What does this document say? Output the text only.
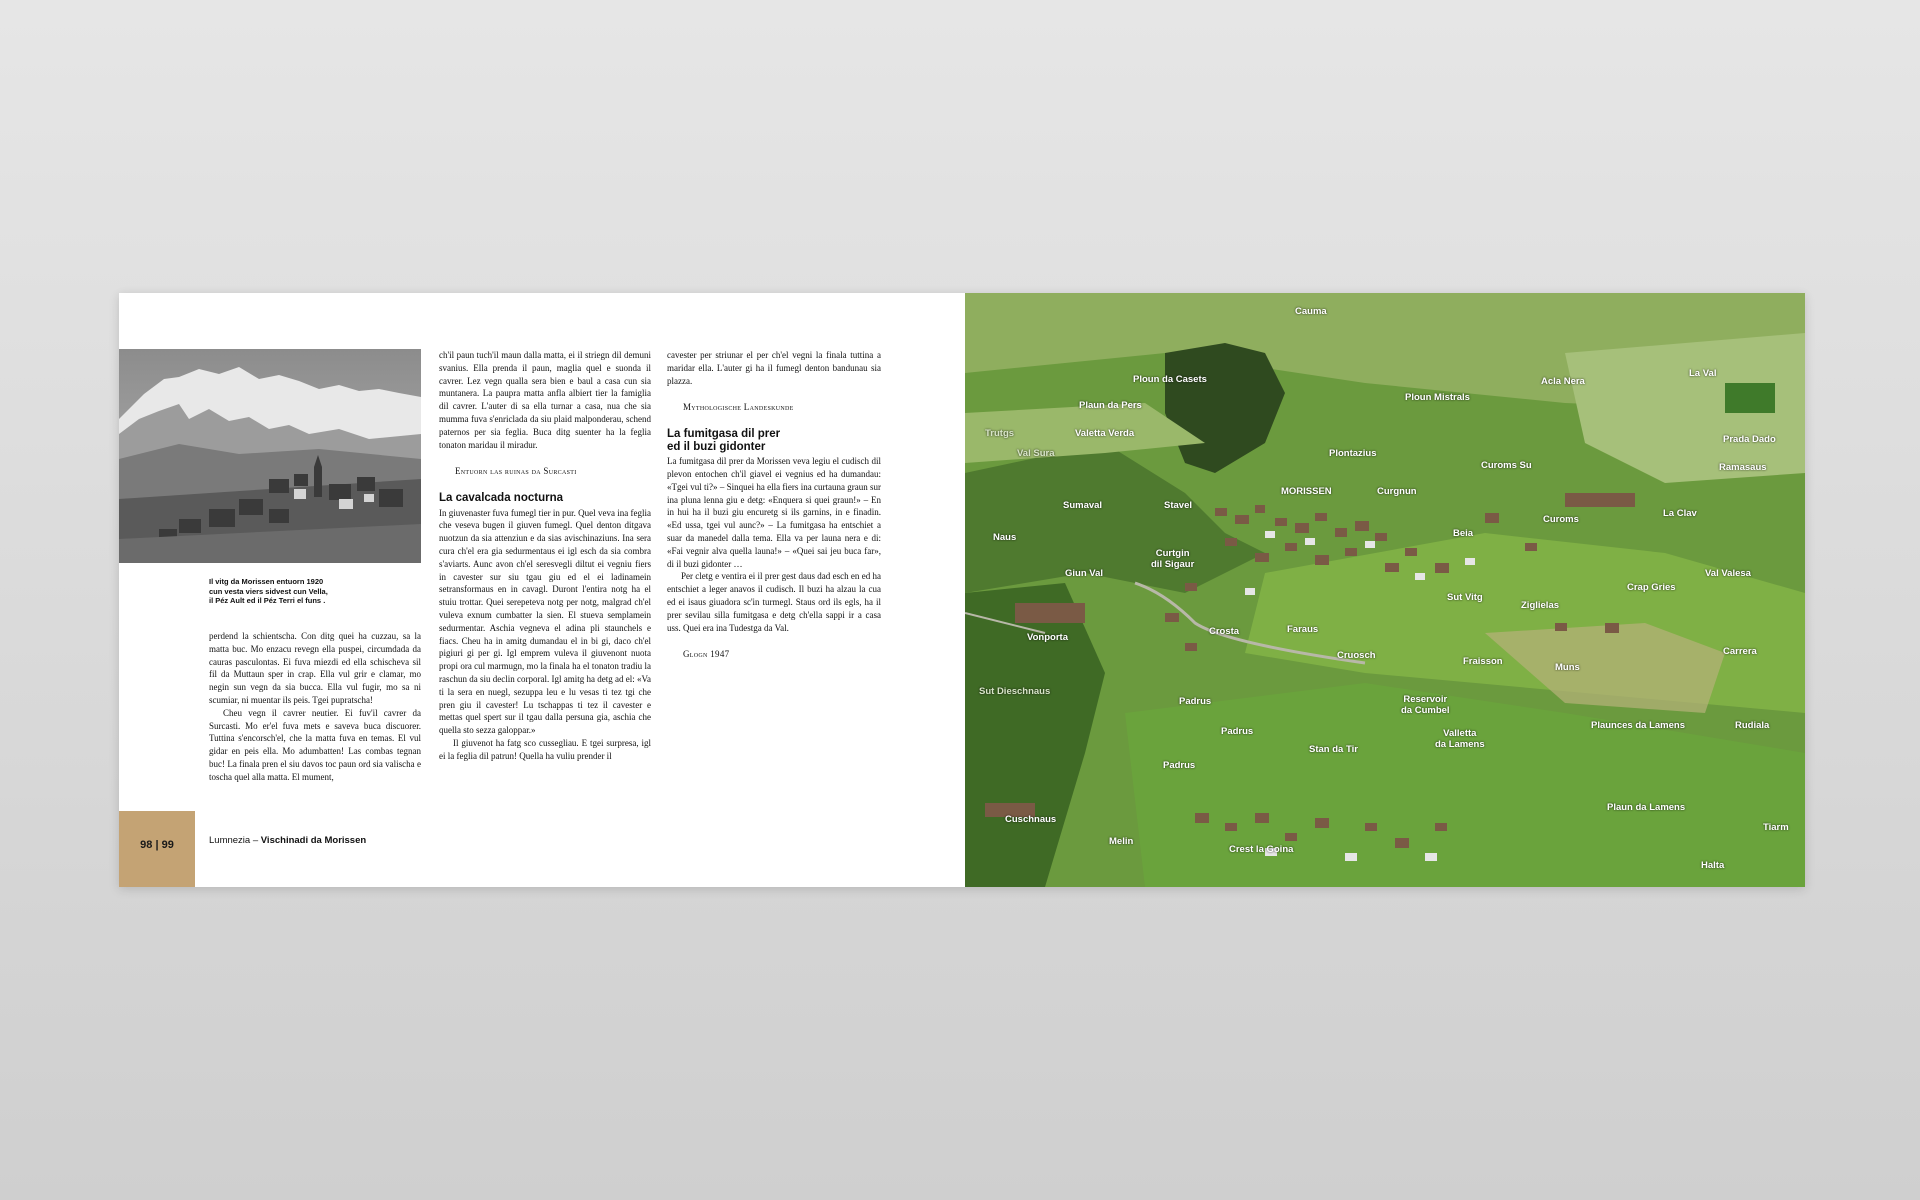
Il vitg da Morissen entuorn 1920
cun vesta viers sidvest cun Vella,
il Péz Ault ed il Péz Terri el funs .

perdend la schientscha. Con ditg quei ha cuzzau, sa la matta buc. Mo enzacu revegn ella puspei, circumdada da cauras pasculontas. Ei fuva miezdi ed ella schischeva sil fil da Muttaun sper in crap. Ella vul grir e clamar, mo negin sun vegn da sia bucca. Ella vul fugir, mo sa ni scumiar, ni muentar ils peis. Tgei pupratscha!

Cheu vegn il cavrer neutier. Ei fuv'il cavrer da Surcasti. Mo er'el fuva mets e saveva buca discuorer. Tuttina s'encorsch'el, che la matta fuva en temas. El vul gidar en peis ella. Mo adumbatten! Las combas tegnan buc! La finala pren el siu davos toc paun ord sia valischa e toscha quel alla matta. El mument,

ch'il paun tuch'il maun dalla matta, ei il striegn dil demuni svanius. Ella prenda il paun, maglia quel e suonda il cavrer. Lez vegn qualla sera bien e baul a casa cun sia muntanera. La paupra matta anfla albiert tier la famiglia dil cavrer. L'auter di sa ella turnar a casa, nua che sia mumma fuva s'enriclada da siu plaid malponderau, schend paternos per sia feglia. Buca ditg suenter ha la feglia tonaton maridau il miradur.

Entuorn las ruinas da Surcasti

La cavalcada nocturna

In giuvenaster fuva fumegl tier in pur. Quel veva ina feglia che veseva bugen il giuven fumegl. Quel denton ditgava nuotzun da sia attenziun e da sias avischinaziuns. Ina sera cura ch'el era gia sedurmentaus ei igl esch da sia combra s'aviarts. Aunc avon ch'el seresvegli diltut ei vegniu fiers in cavester sur siu tgau giu ed el ei ladinamein setransformaus en in cavagl. Duront l'entira notg ha el stuiu trottar. Quei serepeteva notg per notg, malgrad ch'el vuleva exnum cumbatter la sien. El stueva semplamein sedurmentar. Aschia vegneva el adina pli staunchels e fiacs. Cheu ha in amitg dumandau el in bi gi, daco ch'el pigiuri gi per gi. Igl emprem vuleva il giuvenont nuota propi ora cul marmugn, mo la finala ha el tonaton tradiu la raschun da siu declin corporal. Igl amitg ha detg ad el: «Va ti la sera en nuegl, sezuppa leu e lu vesas ti tez tgi che pren giu il cavester! Lu tschappas ti tez il cavester e mettas quel spert sur il tgau dalla persuna gia, aschia che quella sto sezza galoppar.»

Il giuvenot ha fatg sco cussegliau. E tgei surpresa, igl ei la feglia dil patrun! Quella ha vuliu prender il

cavester per striunar el per ch'el vegni la finala tuttina a maridar ella. L'auter gi ha il fumegl denton bandunau sia plazza.

Mythologische Landeskunde

La fumitgasa dil prer
ed il buzi gidonter

La fumitgasa dil prer da Morissen veva legiu el cudisch dil plevon entochen ch'il giavel ei vegnius ed ha dumandau: «Tgei vul ti?» – Sinquei ha ella fiers ina curtauna graun sur ina pluna lenna giu e detg: «Enquera si quei graun!» – En in hui ha il buzi giu encuretg si ils garnins, in e finadin. «Ed ussa, tgei vul aunc?» – La fumitgasa ha entschiet a suar da manedel dalla tema. Ella va per launa nera e di: «Fai vegnir alva quella launa!» – «Quei sai jeu buca far», di il buzi gidonter …

Per cletg e ventira ei il prer gest daus dad esch en ed ha entschiet a leger anavos il cudisch. Il buzi ha alzau la cua ed ei isaus giuadora sc'in turmegl. Staus ord ils egls, ha il prer sevilau silla fumitgasa e detg ch'ella sappi ir a casa uss. Quei era ina Tudestga da Val.

Glogn 1947

98 | 99	Lumnezia – Vischinadi da Morissen
Cauma
Ploun da Casets
Ploun Mistrals
Acla Nera
La Val
Plaun da Pers
Valetta Verda
Trutgs
Val Sura	Plontazius
Curoms Su
Prada Dado
Ramasaus
MORISSEN	Curgnun
Sumaval	Stavel
Naus	Beia
Curoms
La Clav
Curtgin
dil Sigaur
Giun Val	Val Valesa
Crap Gries
Sut Vitg
Ziglielas
Crosta	Faraus
Vonporta
Carrera
Cruosch
Fraisson
Muns
Sut Dieschnaus
Padrus	Reservoir
da Cumbel
Padrus	Valletta
da Lamens
Plaunces da Lamens	Rudiala
Stan da Tir
Padrus
Plaun da Lamens
Cuschnaus
Tiarm
Melin
Crest la Goina
Halta
